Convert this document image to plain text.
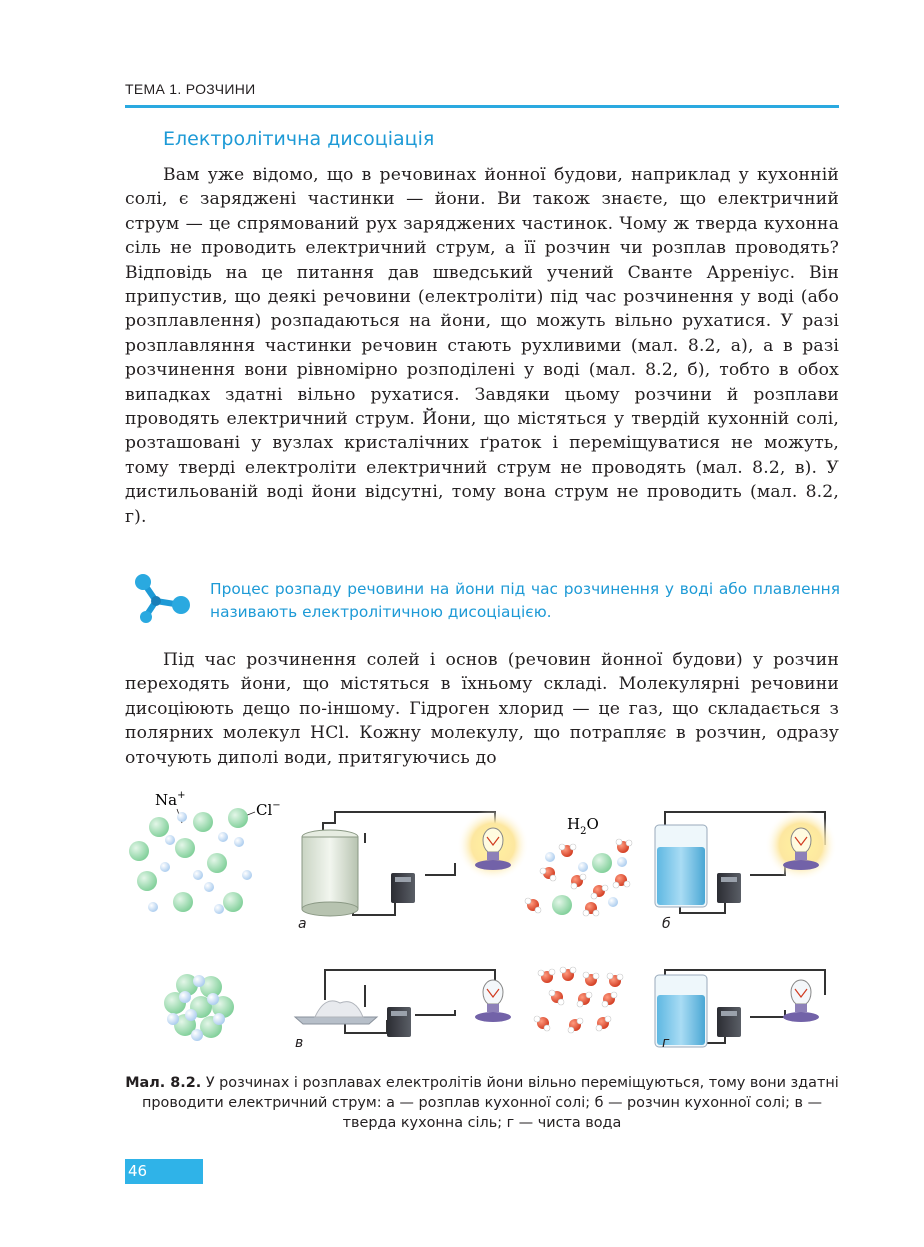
ТЕМА 1. РОЗЧИНИ
Електролітична дисоціація

Вам уже відомо, що в речовинах йонної будови, наприклад у кухонній солі, є заряджені частинки — йони. Ви також знаєте, що електричний струм — це спрямований рух заряджених частинок. Чому ж тверда кухонна сіль не проводить електричний струм, а її розчин чи розплав проводять? Відповідь на це питання дав шведський учений Сванте Арреніус. Він припустив, що деякі речовини (електроліти) під час розчинення у воді (або розплавлення) розпадаються на йони, що можуть вільно рухатися. У разі розплавляння частинки речовин стають рухливими (мал. 8.2, а), а в разі розчинення вони рівномірно розподілені у воді (мал. 8.2, б), тобто в обох випадках здатні вільно рухатися. Завдяки цьому розчини й розплави проводять електричний струм. Йони, що містяться у твердій кухонній солі, розташовані у вузлах кристалічних ґраток і переміщуватися не можуть, тому тверді електроліти електричний струм не проводять (мал. 8.2, в). У дистильованій воді йони відсутні, тому вона струм не проводить (мал. 8.2, г).

Процес розпаду речовини на йони під час розчинення у воді або плавлення називають електролітичною дисоціацією.

Під час розчинення солей і основ (речовин йонної будови) у розчин переходять йони, що містяться в їхньому складі. Молекулярні речовини дисоціюють дещо по-іншому. Гідроген хлорид — це газ, що складається з полярних молекул HCl. Кожну молекулу, що потрапляє в розчин, одразу оточують диполі води, притягуючись до

Na+
Cl−
а
$H_2O$
б
в	г
Мал. 8.2. У розчинах і розплавах електролітів йони вільно переміщуються, тому вони здатні проводити електричний струм: а — розплав кухонної солі; б — розчин кухонної солі; в — тверда кухонна сіль; г — чиста вода
46
